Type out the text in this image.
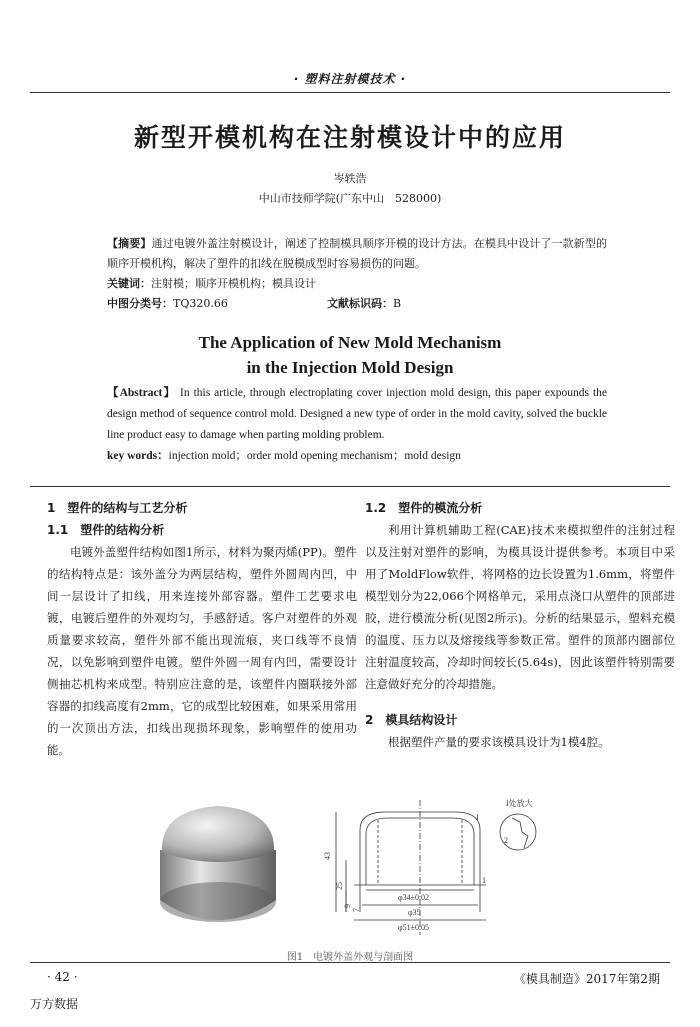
· 塑料注射模技术 ·
新型开模机构在注射模设计中的应用
岑轶浩
中山市技师学院(广东中山　528000)
【摘要】通过电镀外盖注射模设计，阐述了控制模具顺序开模的设计方法。在模具中设计了一款新型的顺序开模机构，解决了塑件的扣线在脱模成型时容易损伤的问题。
关键词：注射模；顺序开模机构；模具设计
中图分类号：TQ320.66	文献标识码：B
The Application of New Mold Mechanism
in the Injection Mold Design
【Abstract】 In this article, through electroplating cover injection mold design, this paper expounds the design method of sequence control mold. Designed a new type of order in the mold cavity, solved the buckle line product easy to damage when parting molding problem.
key words：injection mold；order mold opening mechanism；mold design
1　塑件的结构与工艺分析
1.1　塑件的结构分析

电镀外盖塑件结构如图1所示，材料为聚丙烯(PP)。塑件的结构特点是：该外盖分为两层结构，塑件外圆周内凹，中间一层设计了扣线，用来连接外部容器。塑件工艺要求电镀，电镀后塑件的外观均匀，手感舒适。客户对塑件的外观质量要求较高，塑件外部不能出现流痕，夹口线等不良情况，以免影响到塑件电镀。塑件外圆一周有内凹，需要设计侧抽芯机构来成型。特别应注意的是，该塑件内圈联接外部容器的扣线高度有2mm，它的成型比较困难，如果采用常用的一次顶出方法，扣线出现损坏现象，影响塑件的使用功能。

1.2　塑件的模流分析

利用计算机辅助工程(CAE)技术来模拟塑件的注射过程以及注射对塑件的影响，为模具设计提供参考。本项目中采用了MoldFlow软件，将网格的边长设置为1.6mm，将塑件模型划分为22,066个网格单元，采用点浇口从塑件的顶部进胶，进行模流分析(见图2所示)。分析的结果显示，塑料充模的温度、压力以及熔接线等参数正常。塑件的顶部内圈部位注射温度较高，冷却时间较长(5.64s)，因此该塑件特别需要注意做好充分的冷却措施。

2　模具结构设计

根据塑件产量的要求该模具设计为1模4腔。

43
25
9
7
1
2
φ34±0.02
φ35
φ51±0.05
I处放大
I
图1　电镀外盖外观与剖面图
· 42 ·	《模具制造》2017年第2期
万方数据
